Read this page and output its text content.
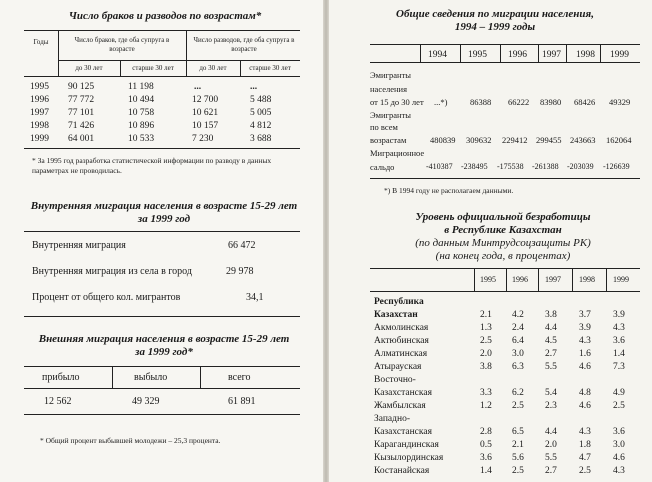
Число браков и разводов по возрастам*
Годы	Число браков, где оба супруга в возрасте
Число разводов, где оба супруга в возрасте
до 30 лет	старше 30 лет	до 30 лет	старше 30 лет
1995 90 125	11 198	...	...
1996 77 772	10 494	12 700	5 488
1997 77 101	10 758	10 621	5 005
1998 71 426	10 896	10 157	4 812
1999 64 001	10 533	7 230	3 688
* За 1995 год разработка статистической информации по разводу в данных параметрах не проводилась.
Внутренняя миграция населения в возрасте 15-29 лет
за 1999 год
Внутренняя миграция	66 472
Внутренняя миграция из села в город	29 978
Процент от общего кол. мигрантов	34,1
Внешняя миграция населения в возрасте 15-29 лет
за 1999 год*
прибыло	выбыло	всего
12 562	49 329	61 891
* Общий процент выбывшей молодежи – 25,3 процента.
Общие сведения по миграции населения,
1994 – 1999 годы
1994 1995 1996 1997 1998 1999
Эмигранты
населения
от 15 до 30 лет ...*)	86388 66222 83980 68426 49329
Эмигранты
по всем
возрастам	480839 309632 229412 299455 243663 162064
Миграционное
сальдо	-410387 -238495 -175538 -261388 -203039 -126639
*) В 1994 году не располагаем данными.
Уровень официальной безработицы
в Республике Казахстан
(по данным Минтрудсоцзащиты РК)
(на конец года, в процентах)
1995 1996 1997 1998 1999
Республика
Казахстан	2.1 4.2 3.8 3.7 3.9
Акмолинская	1.3 2.4 4.4 3.9 4.3
Актюбинская	2.5 6.4 4.5 4.3 3.6
Алматинская	2.0 3.0 2.7 1.6 1.4
Атырауская	3.8 6.3 5.5 4.6 7.3
Восточно-
Казахстанская	3.3 6.2 5.4 4.8 4.9
Жамбылская	1.2 2.5 2.3 4.6 2.5
Западно-
Казахстанская	2.8 6.5 4.4 4.3 3.6
Карагандинская	0.5 2.1 2.0 1.8 3.0
Кызылординская	3.6 5.6 5.5 4.7 4.6
Костанайская	1.4 2.5 2.7 2.5 4.3
